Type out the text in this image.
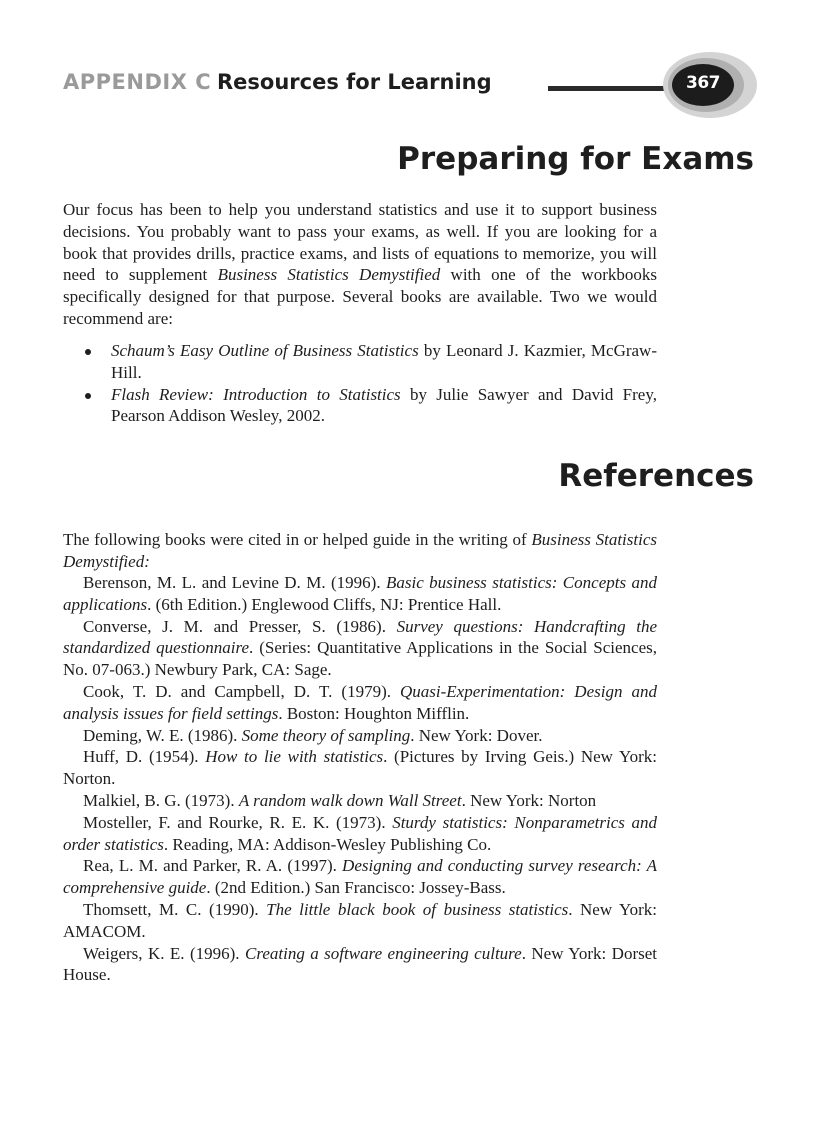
APPENDIX C Resources for Learning	367
Preparing for Exams
Our focus has been to help you understand statistics and use it to support business decisions. You probably want to pass your exams, as well. If you are looking for a book that provides drills, practice exams, and lists of equations to memorize, you will need to supplement Business Statistics Demystified with one of the workbooks specifically designed for that purpose. Several books are available. Two we would recommend are:
Schaum’s Easy Outline of Business Statistics by Leonard J. Kazmier, McGraw-Hill.
Flash Review: Introduction to Statistics by Julie Sawyer and David Frey, Pearson Addison Wesley, 2002.
References
The following books were cited in or helped guide in the writing of Business Statistics Demystified:
Berenson, M. L. and Levine D. M. (1996). Basic business statistics: Concepts and applications. (6th Edition.) Englewood Cliffs, NJ: Prentice Hall.
Converse, J. M. and Presser, S. (1986). Survey questions: Handcrafting the standardized questionnaire. (Series: Quantitative Applications in the Social Sciences, No. 07-063.) Newbury Park, CA: Sage.
Cook, T. D. and Campbell, D. T. (1979). Quasi-Experimentation: Design and analysis issues for field settings. Boston: Houghton Mifflin.
Deming, W. E. (1986). Some theory of sampling. New York: Dover.
Huff, D. (1954). How to lie with statistics. (Pictures by Irving Geis.) New York: Norton.
Malkiel, B. G. (1973). A random walk down Wall Street. New York: Norton
Mosteller, F. and Rourke, R. E. K. (1973). Sturdy statistics: Nonparametrics and order statistics. Reading, MA: Addison-Wesley Publishing Co.
Rea, L. M. and Parker, R. A. (1997). Designing and conducting survey research: A comprehensive guide. (2nd Edition.) San Francisco: Jossey-Bass.
Thomsett, M. C. (1990). The little black book of business statistics. New York: AMACOM.
Weigers, K. E. (1996). Creating a software engineering culture. New York: Dorset House.
